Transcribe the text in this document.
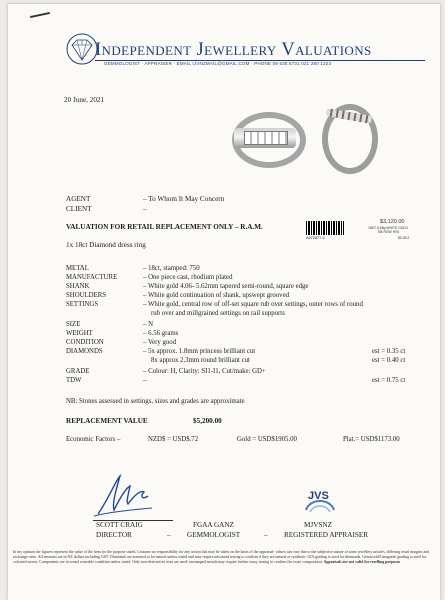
Independent Jewellery Valuations
GEMMOLOGIST · APPRAISER · EMAIL IJVNZMAIL@GMAIL.COM · PHONE 09 638 5731 021 280 1223
20 June, 2021
AGENT	– To Whom It May Concern
CLIENT	–
VALUATION FOR RETAIL REPLACEMENT ONLY – R.A.M.
A572877-4
$3,120.00
18KT 6.56g WHITE GOLD
SB ROW H/SI
$0.35.2
1x 18ct Diamond dress ring
METAL	– 18ct, stamped: 750
MANUFACTURE	– One piece cast, rhodium plated
SHANK	– White gold 4.06- 5.62mm tapered semi-round, square edge
SHOULDERS	– White gold continuation of shank, upswept grooved
SETTINGS	– White gold, central row of off-set square rub over settings, outer rows of round
rub over and millgrained settings on rail supports
SIZE	– N
WEIGHT	– 6.56 grams
CONDITION	– Very good
DIAMONDS	– 5x approx. 1.8mm princess brilliant cut	est = 0.35 ct
8x approx 2.3mm round brilliant cut	est = 0.40 ct
GRADE	– Colour: H, Clarity: SI1-I1, Cut/make: GD+
TDW	–	est = 0.75 ct
NB: Stones assessed in settings, sizes and grades are approximate
REPLACEMENT VALUE	$5,200.00
Economic Factors –	NZD$ = USD$.72	Gold = USD$1905.00	Plat.= USD$1173.00
JVS
SCOTT CRAIG	FGAA GANZ	MJVSNZ
DIRECTOR	– GEMMOLOGIST	– REGISTERED APPRAISER
In my opinion the figures represent the value of the item for the purpose stated. I assume no responsibility for any action that may be taken on the basis of the appraisal- values can vary due to the subjective nature of some jewellery articles, differing retail margins and exchange rates. All amounts are in NZ dollars including GST. Diamonds are assumed to be natural unless stated and may require advanced testing to confirm if they are natural or synthetic. GIA grading is used for diamonds, Gemworld/Gemguide grading is used for coloured stones. Components are in sound wearable condition unless stated. Only non-destructive tests are used- unstamped metals may require further assay testing to confirm the exact composition. Appraisals are not valid for reselling purposes
